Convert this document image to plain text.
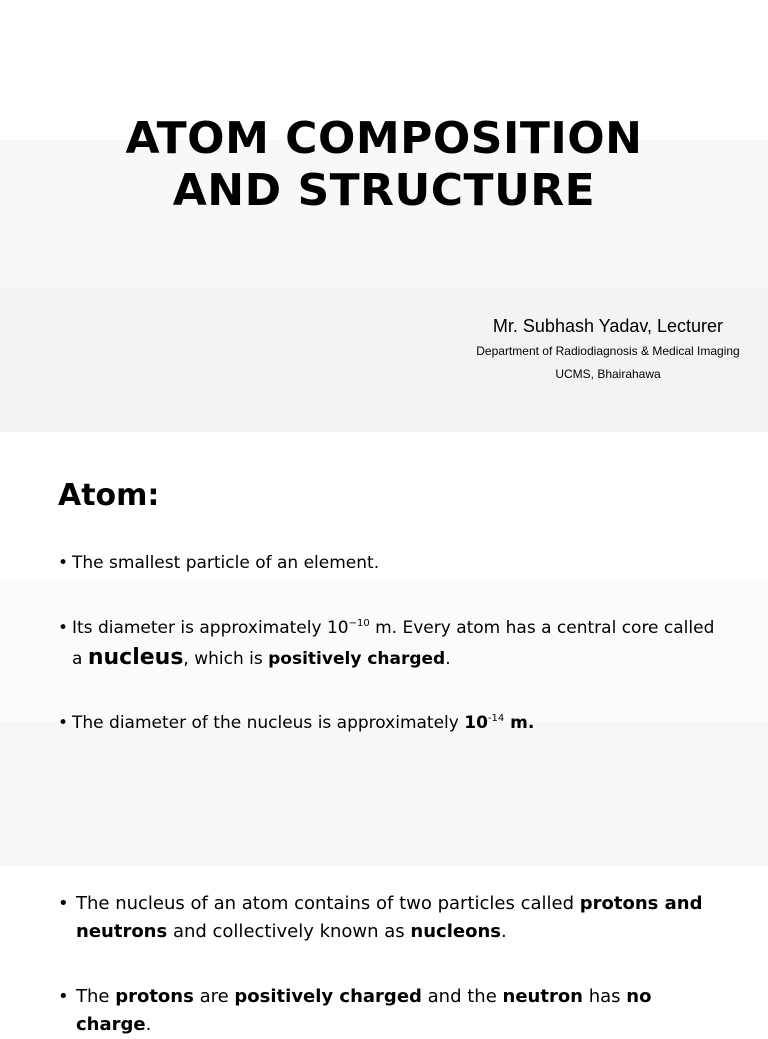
ATOM COMPOSITION
AND STRUCTURE
Mr. Subhash Yadav, Lecturer
Department of Radiodiagnosis & Medical Imaging
UCMS, Bhairahawa
Atom:
• The smallest particle of an element.
• Its diameter is approximately $10^{-10}$ m. Every atom has a central core called a nucleus, which is positively charged.
• The diameter of the nucleus is approximately $10^{-14}$ m.
• The nucleus of an atom contains of two particles called protons and neutrons and collectively known as nucleons.
• The protons are positively charged and the neutron has no charge.
